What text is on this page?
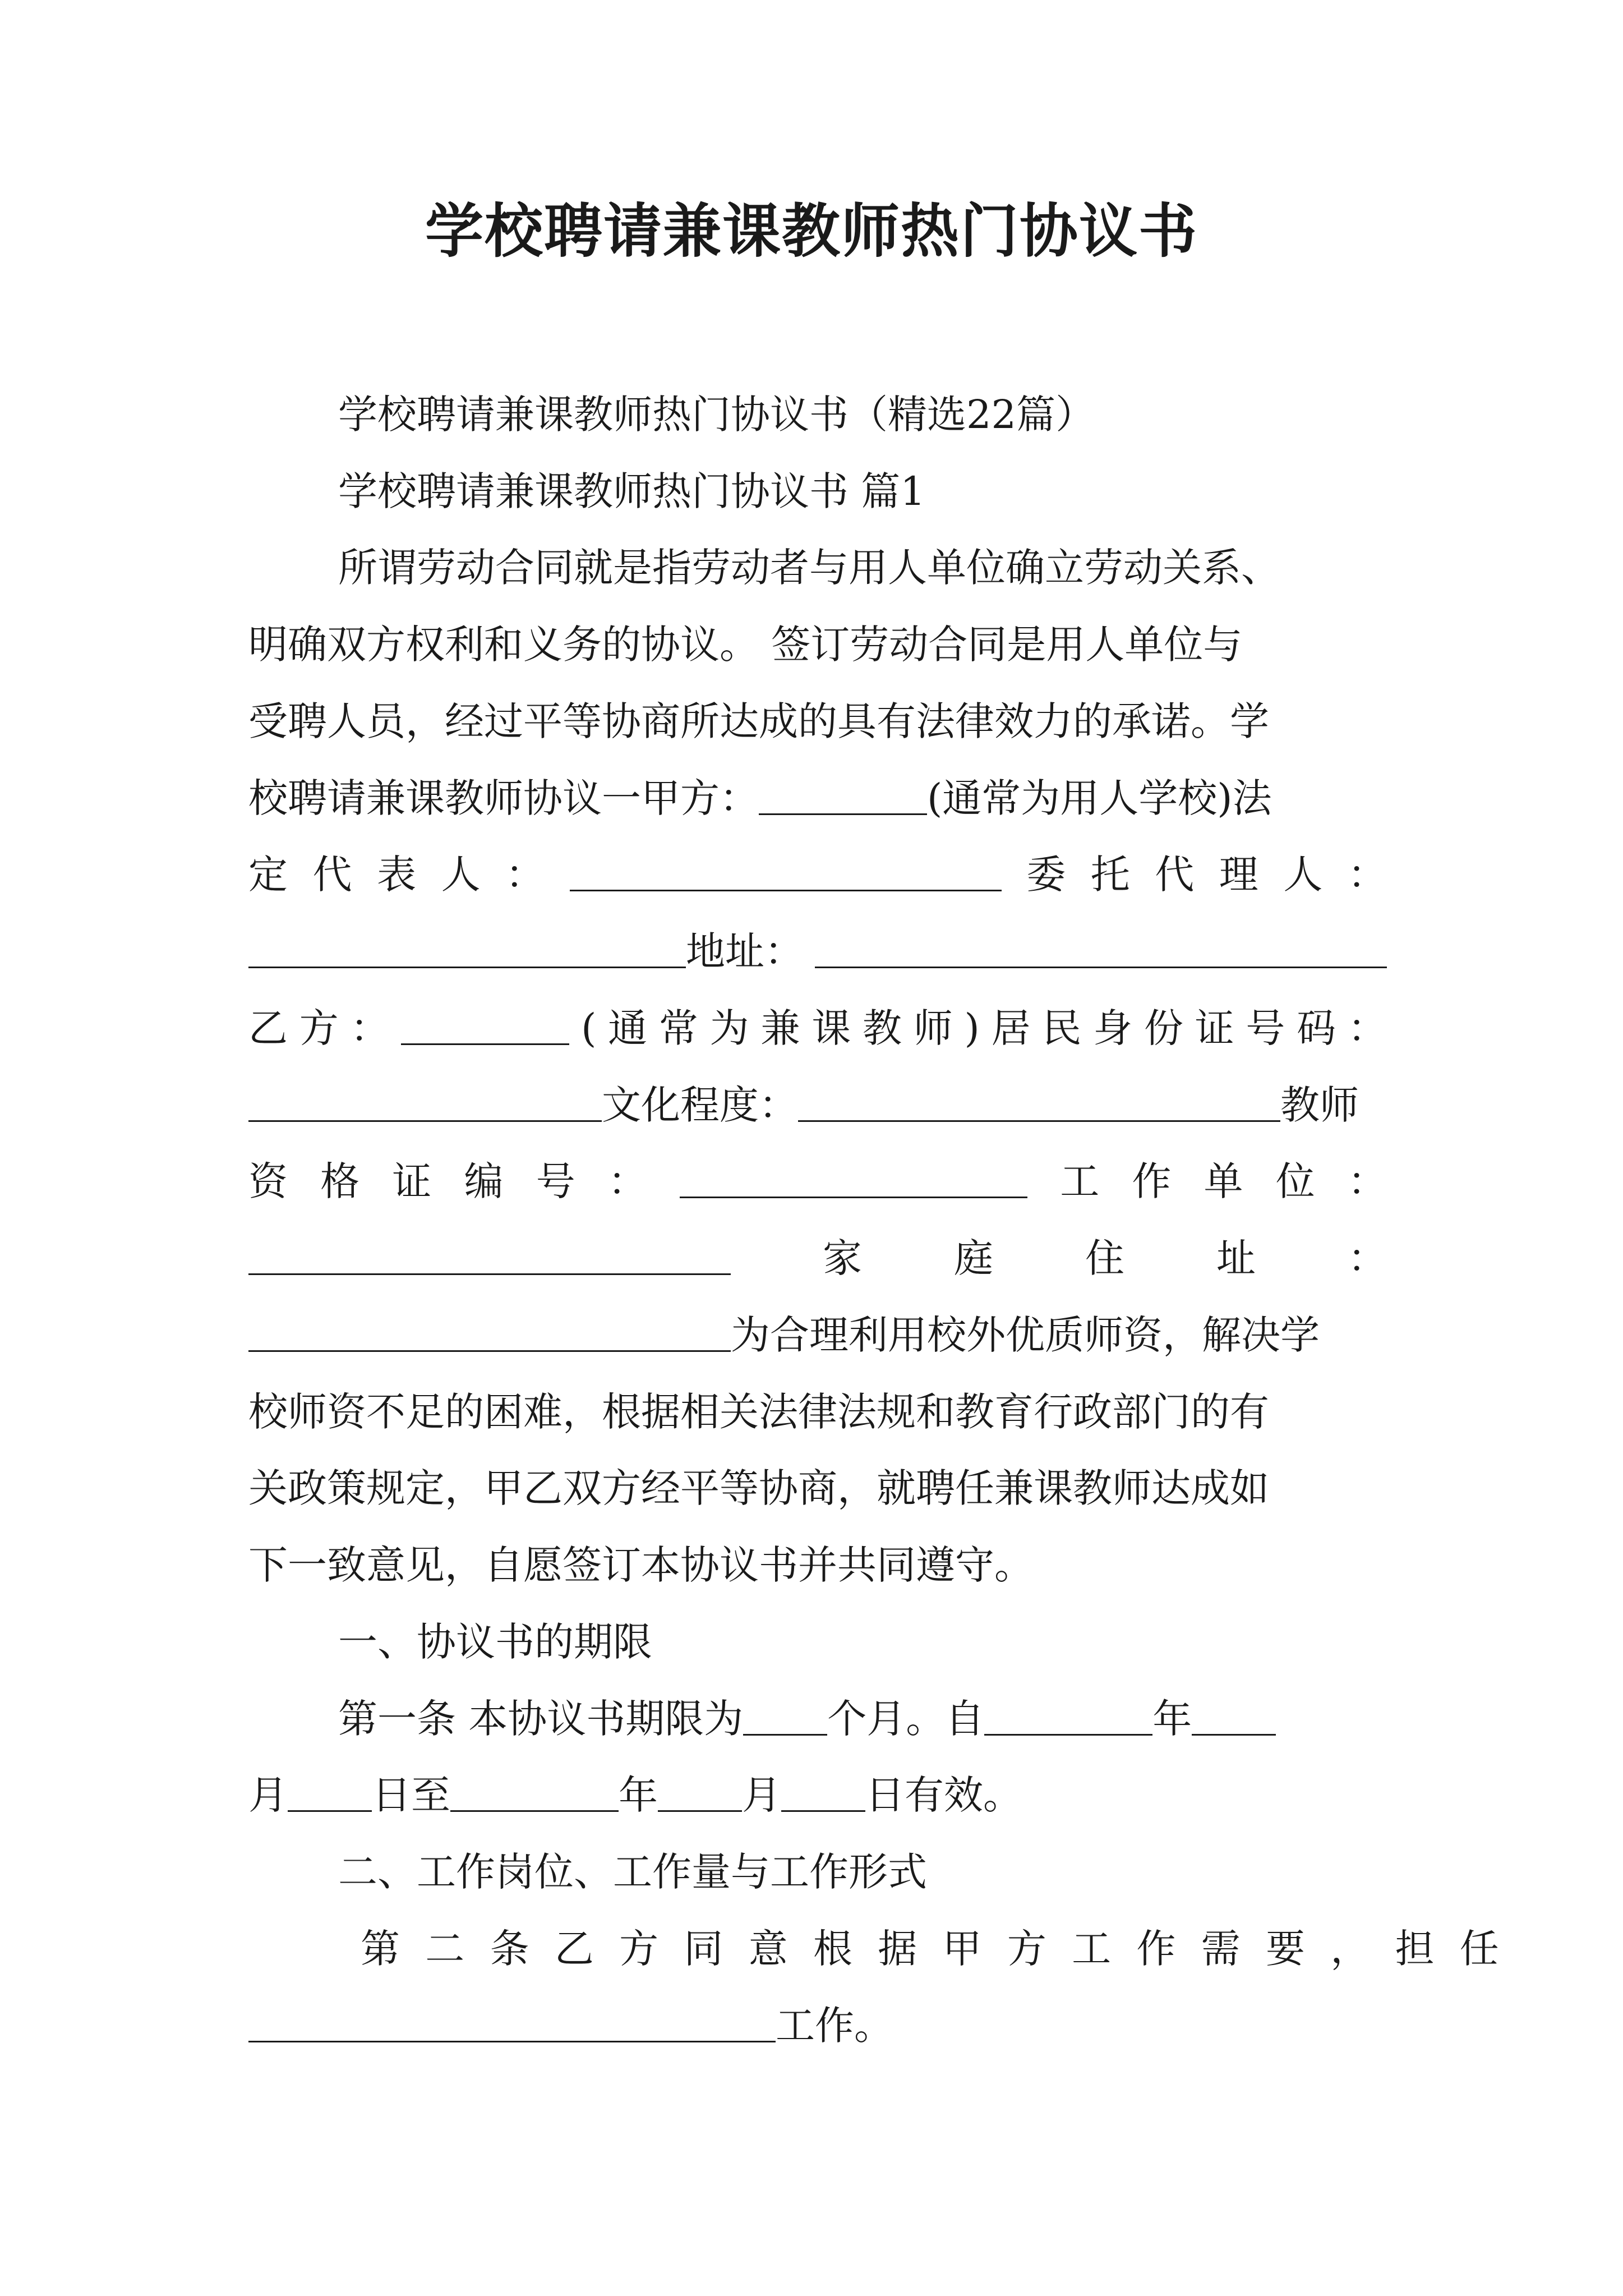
学校聘请兼课教师热门协议书
学校聘请兼课教师热门协议书（精选22篇）
学校聘请兼课教师热门协议书 篇1
所谓劳动合同就是指劳动者与用人单位确立劳动关系、
明确双方权利和义务的协议。 签订劳动合同是用人单位与
受聘人员，经过平等协商所达成的具有法律效力的承诺。学
校聘请兼课教师协议一甲方：	(通常为用人学校)法
定 代 表 人 ：	委 托 代 理 人 ：
地址：
乙 方 ：	( 通 常 为 兼 课 教 师 ) 居 民 身 份 证 号 码 ：
文化程度：	教师
资 格 证 编 号 ：	工 作 单 位 ：
家 庭 住 址 ：
为合理利用校外优质师资，解决学
校师资不足的困难，根据相关法律法规和教育行政部门的有
关政策规定，甲乙双方经平等协商，就聘任兼课教师达成如
下一致意见，自愿签订本协议书并共同遵守。
一、协议书的期限
第一条 本协议书期限为 个月。自	年
月 日至	年 月 日有效。
二、工作岗位、工作量与工作形式
第 二 条 乙 方 同 意 根 据 甲 方 工 作 需 要 ， 担 任
工作。
